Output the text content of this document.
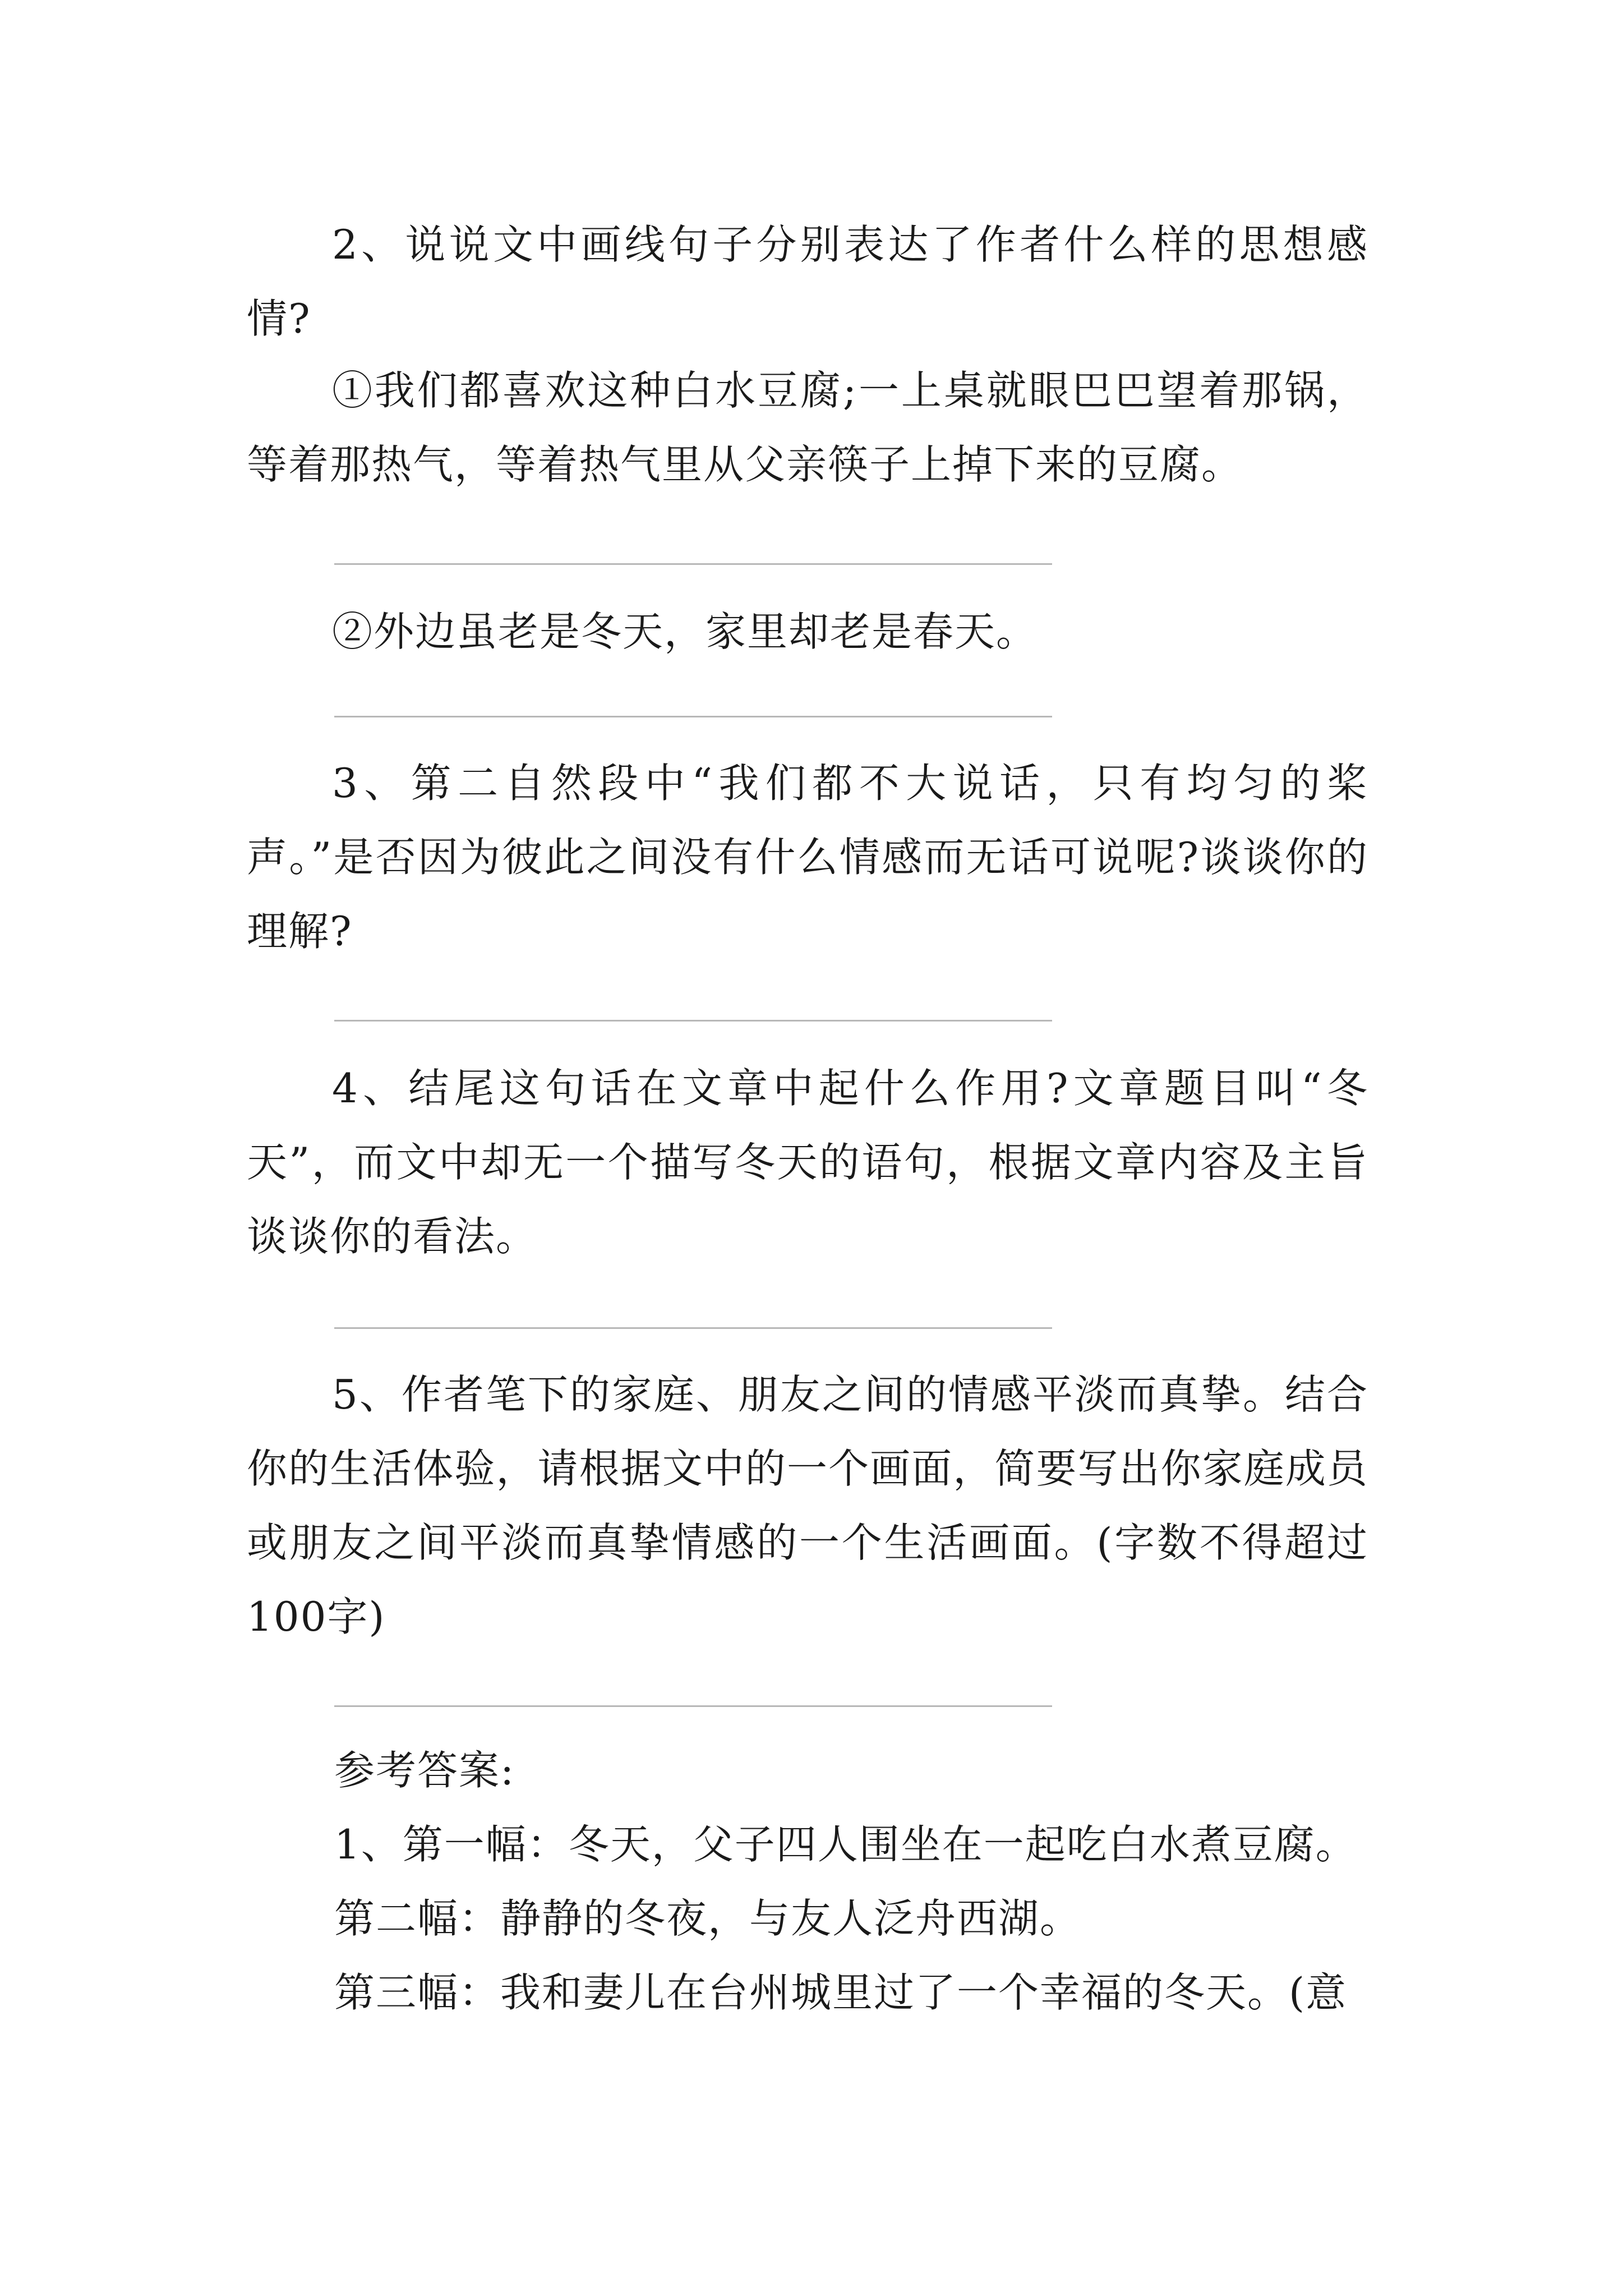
2、说说文中画线句子分别表达了作者什么样的思想感情?

①我们都喜欢这种白水豆腐;一上桌就眼巴巴望着那锅，等着那热气，等着热气里从父亲筷子上掉下来的豆腐。

②外边虽老是冬天，家里却老是春天。

3、第二自然段中“我们都不大说话，只有均匀的桨声。”是否因为彼此之间没有什么情感而无话可说呢?谈谈你的理解?

4、结尾这句话在文章中起什么作用?文章题目叫“冬天”，而文中却无一个描写冬天的语句，根据文章内容及主旨谈谈你的看法。

5、作者笔下的家庭、朋友之间的情感平淡而真挚。结合你的生活体验，请根据文中的一个画面，简要写出你家庭成员或朋友之间平淡而真挚情感的一个生活画面。(字数不得超过100字)

参考答案:

1、第一幅：冬天，父子四人围坐在一起吃白水煮豆腐。

第二幅：静静的冬夜，与友人泛舟西湖。

第三幅：我和妻儿在台州城里过了一个幸福的冬天。(意
